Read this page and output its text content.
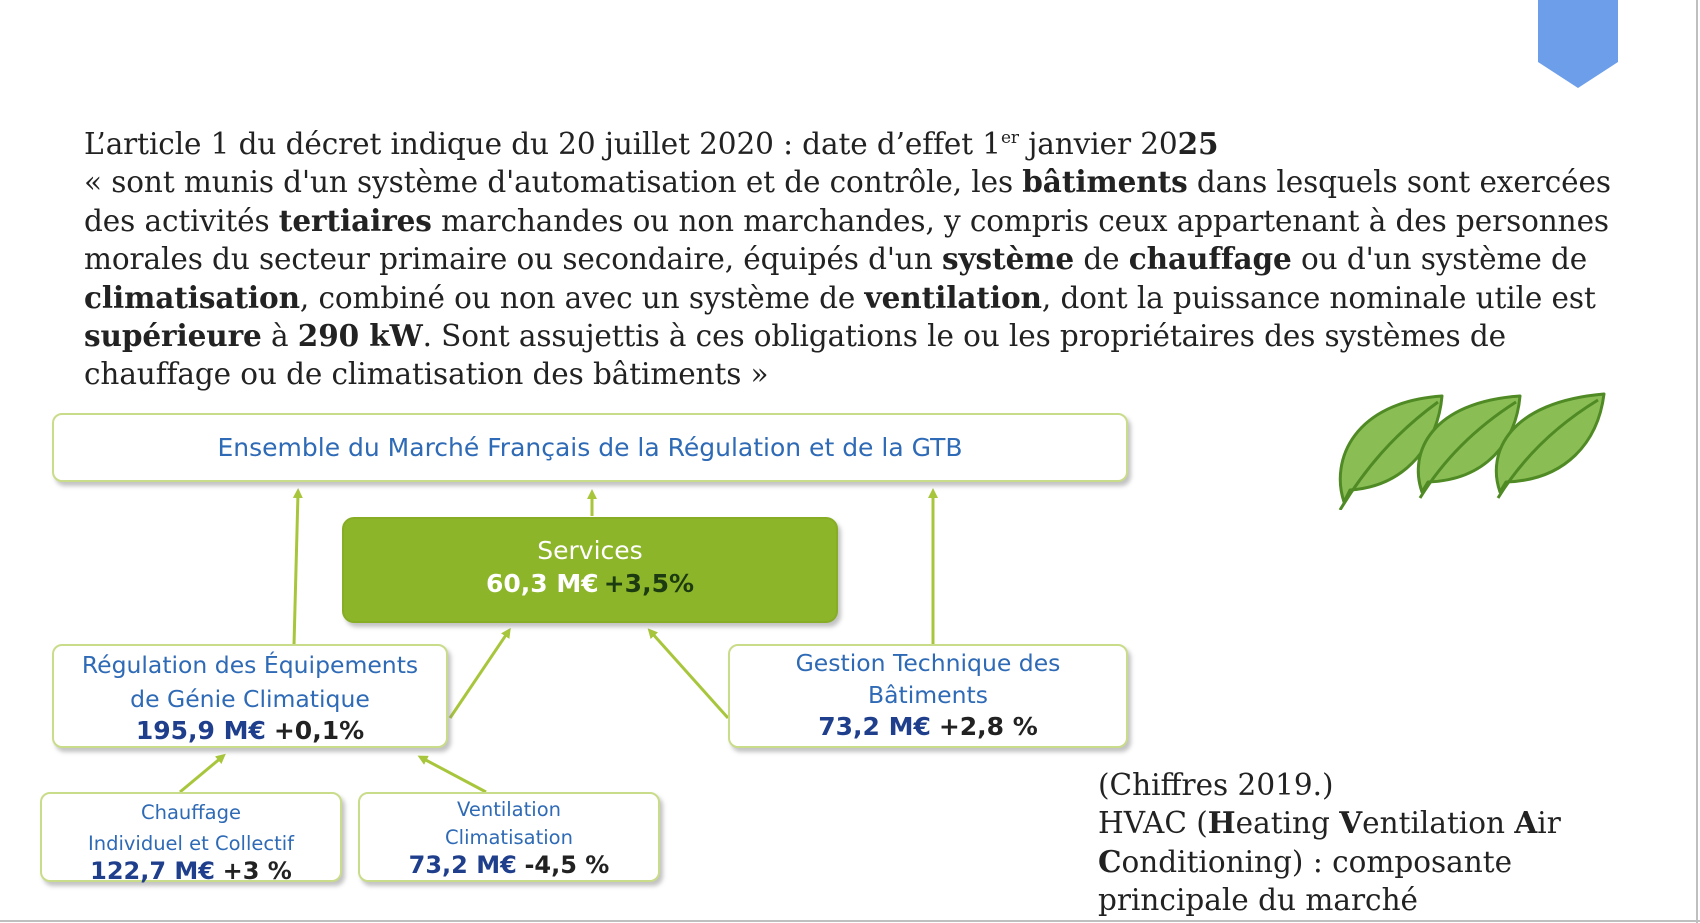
L’article 1 du décret indique du 20 juillet 2020 : date d’effet 1er janvier 2025
« sont munis d'un système d'automatisation et de contrôle, les bâtiments dans lesquels sont exercées
des activités tertiaires marchandes ou non marchandes, y compris ceux appartenant à des personnes
morales du secteur primaire ou secondaire, équipés d'un système de chauffage ou d'un système de
climatisation, combiné ou non avec un système de ventilation, dont la puissance nominale utile est
supérieure à 290 kW. Sont assujettis à ces obligations le ou les propriétaires des systèmes de
chauffage ou de climatisation des bâtiments »
Ensemble du Marché Français de la Régulation et de la GTB
Services
60,3 M€ +3,5%
Régulation des Équipements
de Génie Climatique
195,9 M€ +0,1%
Gestion Technique des
Bâtiments
73,2 M€ +2,8 %
Chauffage
Individuel et Collectif
122,7 M€ +3 %
Ventilation
Climatisation
73,2 M€ -4,5 %
(Chiffres 2019.)
HVAC (Heating Ventilation Air
Conditioning) : composante
principale du marché
